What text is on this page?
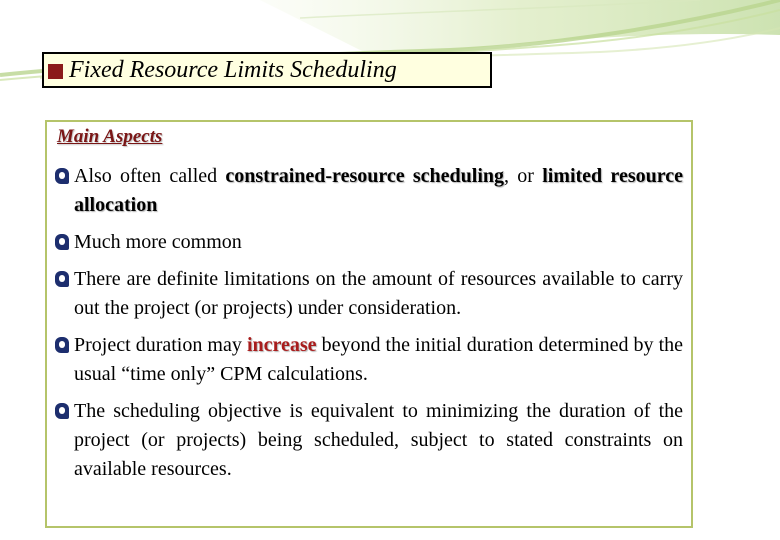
Fixed Resource Limits Scheduling
Main Aspects
Also often called constrained-resource scheduling, or limited resource allocation
Much more common
There are definite limitations on the amount of resources available to carry out the project (or projects) under consideration.
Project duration may increase beyond the initial duration determined by the usual “time only” CPM calculations.
The scheduling objective is equivalent to minimizing the duration of the project (or projects) being scheduled, subject to stated constraints on available resources.
